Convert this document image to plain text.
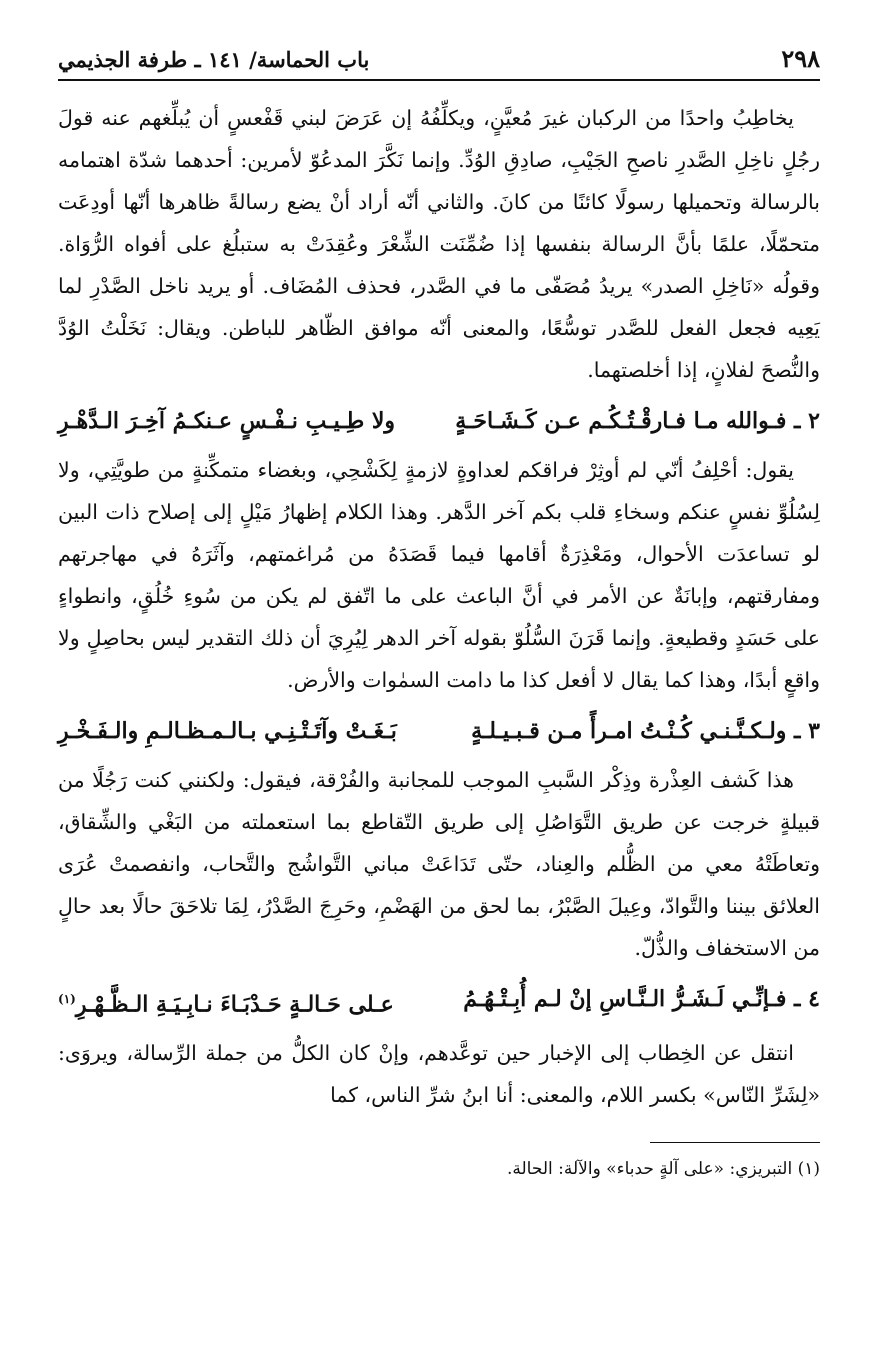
٢٩٨
باب الحماسة/ ١٤١ ـ طرفة الجذيمي

يخاطِبُ واحدًا من الركبان غيرَ مُعيَّنٍ، ويكلِّفُهُ إن عَرَضَ لبني قَفْعسٍ أن يُبلِّغهم عنه قولَ رجُلٍ ناخِلِ الصَّدرِ ناصحِ الجَيْبِ، صادِقِ الوُدِّ. وإنما نَكَّرَ المدعُوّ لأمرين: أحدهما شدّة اهتمامه بالرسالة وتحميلها رسولًا كائنًا من كانَ. والثاني أنّه أراد أنْ يضع رسالةً ظاهرها أنّها أودِعَت متحمّلًا، علمًا بأنَّ الرسالة بنفسها إذا ضُمِّنَت الشِّعْرَ وعُقِدَتْ به ستبلُغ على أفواه الرُّوَاة. وقولُه «نَاخِلِ الصدر» يريدُ مُصَفّى ما في الصَّدر، فحذف المُضَاف. أو يريد ناخل الصَّدْرِ لما يَعِيه فجعل الفعل للصَّدر توسُّعًا، والمعنى أنّه موافق الظّاهر للباطن. ويقال: نَخَلْتُ الوُدَّ والنُّصحَ لفلانٍ، إذا أخلصتهما.

٢ ـ فـوالله مـا فـارقْـتُـكُـم عـن كَـشَـاحَـةٍ
ولا طِـيـبِ نـفْـسٍ عـنكـمُ آخِـرَ الـدَّهْـرِ

يقول: أحْلِفُ أنّي لم أوثِرْ فراقكم لعداوةٍ لازمةٍ لِكَشْحِي، وبغضاء متمكِّنةٍ من طويَّتِي، ولا لِسُلُوِّ نفسٍ عنكم وسخاءِ قلب بكم آخر الدَّهر. وهذا الكلام إظهارُ مَيْلٍ إلى إصلاح ذات البين لو تساعدَت الأحوال، ومَعْذِرَةٌ أقامها فيما قَصَدَهُ من مُراغمتهم، وآثَرَهُ في مهاجرتهم ومفارقتهم، وإبانَةٌ عن الأمر في أنَّ الباعث على ما اتّفق لم يكن من سُوءِ خُلُقٍ، وانطواءٍ على حَسَدٍ وقطيعةٍ. وإنما قَرَنَ السُّلُوّ بقوله آخر الدهر لِيُرِيَ أن ذلك التقدير ليس بحاصِلٍ ولا واقعٍ أبدًا، وهذا كما يقال لا أفعل كذا ما دامت السمٰوات والأرض.

٣ ـ ولـكـنَّـنـي كُـنْـتُ امـرأً مـن قـبـيـلـةٍ
بَـغَـتْ وآتَـتْـنِـي بـالـمـظـالـمِ والـفَـخْـرِ

هذا كَشف العِذْرة وذِكْر السَّببِ الموجب للمجانبة والفُرْقة، فيقول: ولكنني كنت رَجُلًا من قبيلةٍ خرجت عن طريق التَّوَاصُلِ إلى طريق التّقاطع بما استعملته من البَغْي والشِّقاق، وتعاطَتْهُ معي من الظُّلم والعِناد، حتّى تَدَاعَتْ مباني التَّواشُج والتَّحاب، وانفصمتْ عُرَى العلائق بيننا والتَّوادّ، وعِيلَ الصَّبْرُ، بما لحق من الهَضْمِ، وحَرِجَ الصَّدْرُ، لِمَا تلاحَقَ حالًا بعد حالٍ من الاستخفاف والذُّلّ.

٤ ـ فـإنِّـي لَـشَـرُّ الـنَّـاسِ إنْ لـم أُبِـتْـهُـمُ
عـلى حَـالـةٍ حَـدْبَـاءَ نـابِـيَـةِ الـظَّـهْـرِ$^{(١)}$

انتقل عن الخِطاب إلى الإخبار حين توعَّدهم، وإنْ كان الكلُّ من جملة الرِّسالة، ويروَى: «لِشَرِّ النّاس» بكسر اللام، والمعنى: أنا ابنُ شرِّ الناس، كما

(١) التبريزي: «على آلةٍ حدباء» والآلة: الحالة.
